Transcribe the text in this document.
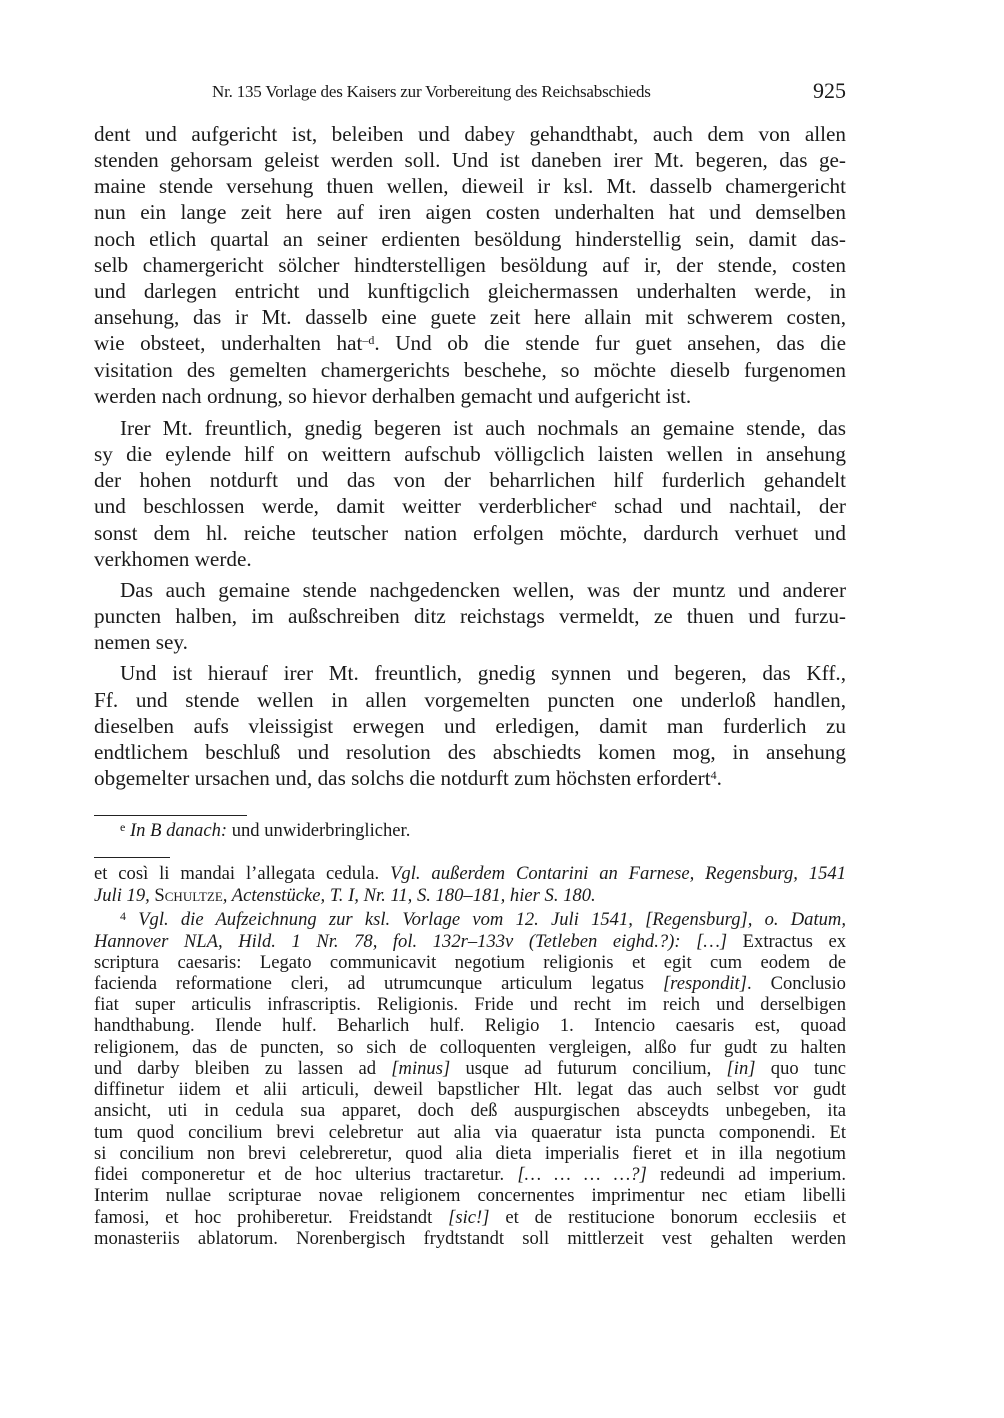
Nr. 135 Vorlage des Kaisers zur Vorbereitung des Reichsabschieds	925
dent und aufgericht ist, beleiben und dabey gehandthabt, auch dem von allen
stenden gehorsam geleist werden soll. Und ist daneben irer Mt. begeren, das ge-
maine stende versehung thuen wellen, dieweil ir ksl. Mt. dasselb chamergericht
nun ein lange zeit here auf iren aigen costen underhalten hat und demselben
noch etlich quartal an seiner erdienten besöldung hinderstellig sein, damit das-
selb chamergericht sölcher hindterstelligen besöldung auf ir, der stende, costen
und darlegen entricht und kunftigclich gleichermassen underhalten werde, in
ansehung, das ir Mt. dasselb eine guete zeit here allain mit schwerem costen,
wie obsteet, underhalten hat$^{-d}$. Und ob die stende fur guet ansehen, das die
visitation des gemelten chamergerichts beschehe, so möchte dieselb furgenomen
werden nach ordnung, so hievor derhalben gemacht und aufgericht ist.
Irer Mt. freuntlich, gnedig begeren ist auch nochmals an gemaine stende, das
sy die eylende hilf on weittern aufschub völligclich laisten wellen in ansehung
der hohen notdurft und das von der beharrlichen hilf furderlich gehandelt
und beschlossen werde, damit weitter verderblicher$^e$ schad und nachtail, der
sonst dem hl. reiche teutscher nation erfolgen möchte, dardurch verhuet und
verkhomen werde.
Das auch gemaine stende nachgedencken wellen, was der muntz und anderer
puncten halben, im außschreiben ditz reichstags vermeldt, ze thuen und furzu-
nemen sey.
Und ist hierauf irer Mt. freuntlich, gnedig synnen und begeren, das Kff.,
Ff. und stende wellen in allen vorgemelten puncten one underloß handlen,
dieselben aufs vleissigist erwegen und erledigen, damit man furderlich zu
endtlichem beschluß und resolution des abschiedts komen mog, in ansehung
obgemelter ursachen und, das solchs die notdurft zum höchsten erfordert$^4$.
$^e$ In B danach: und unwiderbringlicher.
et così li mandai l’allegata cedula. Vgl. außerdem Contarini an Farnese, Regensburg, 1541
Juli 19, Schultze, Actenstücke, T. I, Nr. 11, S. 180–181, hier S. 180.
$^4$ Vgl. die Aufzeichnung zur ksl. Vorlage vom 12. Juli 1541, [Regensburg], o. Datum,
Hannover NLA, Hild. 1 Nr. 78, fol. 132r–133v (Tetleben eighd.?): […] Extractus ex
scriptura caesaris: Legato communicavit negotium religionis et egit cum eodem de
facienda reformatione cleri, ad utrumcunque articulum legatus [respondit]. Conclusio
fiat super articulis infrascriptis. Religionis. Fride und recht im reich und derselbigen
handthabung. Ilende hulf. Beharlich hulf. Religio 1. Intencio caesaris est, quoad
religionem, das de puncten, so sich de colloquenten vergleigen, alßo fur gudt zu halten
und darby bleiben zu lassen ad [minus] usque ad futurum concilium, [in] quo tunc
diffinetur iidem et alii articuli, deweil bapstlicher Hlt. legat das auch selbst vor gudt
ansicht, uti in cedula sua apparet, doch deß auspurgischen absceydts unbegeben, ita
tum quod concilium brevi celebretur aut alia via quaeratur ista puncta componendi. Et
si concilium non brevi celebreretur, quod alia dieta imperialis fieret et in illa negotium
fidei componeretur et de hoc ulterius tractaretur. [… … … …?] redeundi ad imperium.
Interim nullae scripturae novae religionem concernentes imprimentur nec etiam libelli
famosi, et hoc prohiberetur. Freidstandt [sic!] et de restitucione bonorum ecclesiis et
monasteriis ablatorum. Norenbergisch frydtstandt soll mittlerzeit vest gehalten werden
